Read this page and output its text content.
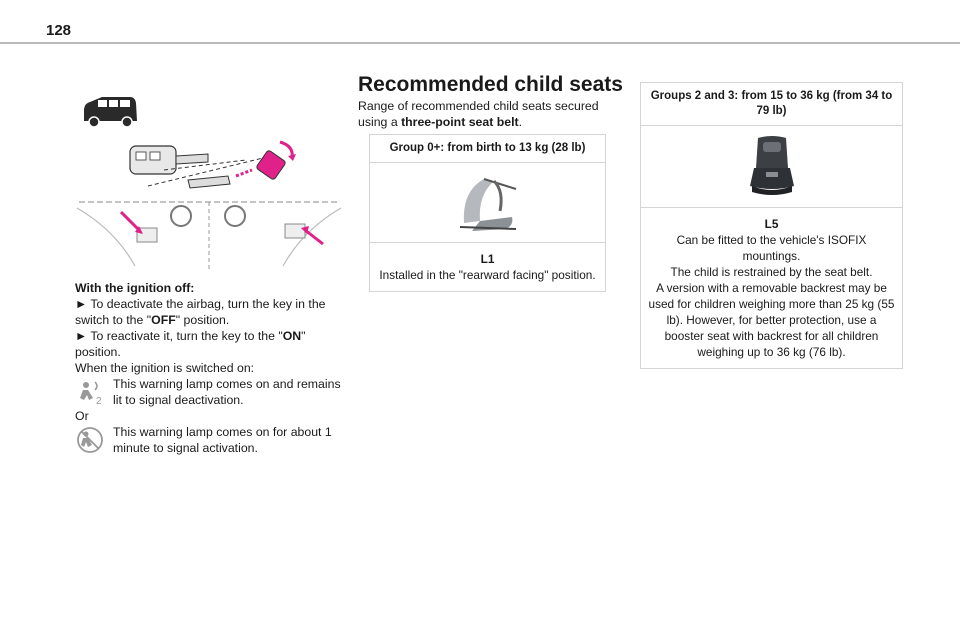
128

With the ignition off:

► To deactivate the airbag, turn the key in the switch to the "OFF" position.

► To reactivate it, turn the key to the "ON" position.

When the ignition is switched on:

2
This warning lamp comes on and remains lit to signal deactivation.

Or

This warning lamp comes on for about 1 minute to signal activation.
Recommended child seats

Range of recommended child seats secured using a three-point seat belt.

Group 0+: from birth to 13 kg (28 lb)
L1
Installed in the "rearward facing" position.
Groups 2 and 3: from 15 to 36 kg (from 34 to 79 lb)
L5
Can be fitted to the vehicle's ISOFIX mountings.
The child is restrained by the seat belt.
A version with a removable backrest may be used for children weighing more than 25 kg (55 lb). However, for better protection, use a booster seat with backrest for all children weighing up to 36 kg (76 lb).
